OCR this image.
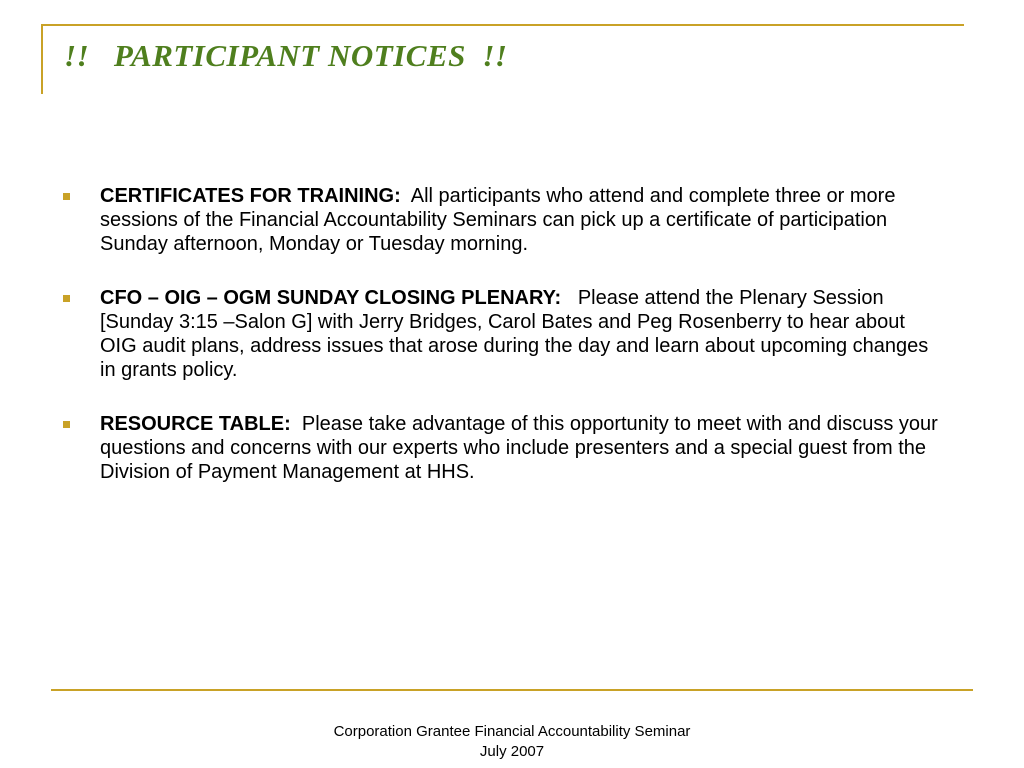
!!   PARTICIPANT NOTICES  !!
CERTIFICATES FOR TRAINING: All participants who attend and complete three or more sessions of the Financial Accountability Seminars can pick up a certificate of participation Sunday afternoon, Monday or Tuesday morning.
CFO – OIG – OGM SUNDAY CLOSING PLENARY: Please attend the Plenary Session [Sunday 3:15 –Salon G] with Jerry Bridges, Carol Bates and Peg Rosenberry to hear about OIG audit plans, address issues that arose during the day and learn about upcoming changes in grants policy.
RESOURCE TABLE: Please take advantage of this opportunity to meet with and discuss your questions and concerns with our experts who include presenters and a special guest from the Division of Payment Management at HHS.
Corporation Grantee Financial Accountability Seminar
July 2007
